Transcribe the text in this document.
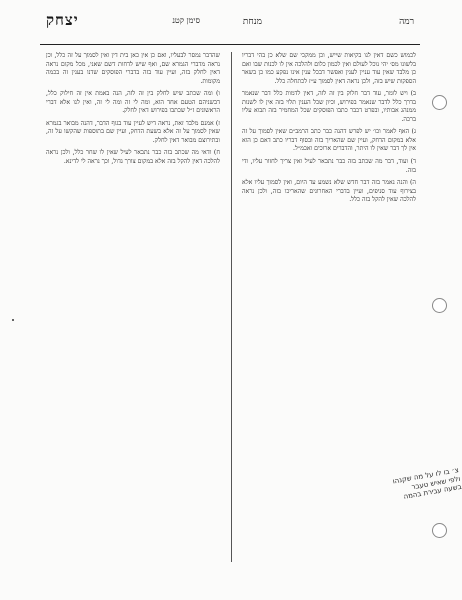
רמה
מנחת
סימן קטנ
יצחק

לכמוש כשם דאין לנו בקיאות שייש, וכן ממקכי שם שלא כן בהי דבריו בלשונו מס׳ יהי נוכל לעולם ואין לכמון כלום ולהלכה אין לו לכנות שבו ואם כן מלבד שאין עוד עניין לענין ואפשר דבכל ענין אינו נפקע כמו כן בשאר הספקות שיש בזה, ולכן נראה דאין לסמוך ע״ז לכתחלה כלל.

ב) ויש לומר, עוד דבר חלוק בין זה לזה, דאין לדמות כלל דבר שנאמר בדרך כלל לדבר שנאמר בפירוש, וכיון שכל הענין תלוי בזה אין לו לשנות ממנהג אבותיו, ובפרט דכבר כתבו הפוסקים שכל המחמיר בזה תבוא עליו ברכה.

ג) האף לאמר וכו׳ יש לפרש דהנה כבר כתב הרמב״ם שאין לסמוך על זה אלא במקום הדחק, ועיין שם שהאריך בזה ובסוף דבריו כתב דאם כן הוא אין לך דבר שאין לו היתר, והדברים ארוכים ואכמ״ל.

ד) ועוד, דבר מה שכתב בזה כבר נתבאר לעיל ואין צריך לחזור עליו, ודי בזה.

ה) והנה נאמר בזה דבר חדש שלא נשמע עד היום, ואין לסמוך עליו אלא בצירוף עוד סניפים, ועיין בדברי האחרונים שהאריכו בזה, ולכן נראה להלכה שאין להקל בזה כלל.

שהדבר נמסר לבעליו, ואם כן אין כאן בית דין ואין לסמוך על זה כלל, וכן נראה מדברי הגמרא שם, ואף שיש לדחות דשם שאני, מכל מקום נראה דאין לחלק בזה, ועיין עוד בזה בדברי הפוסקים שדנו בענין זה בכמה מקומות.

ו) ומה שכתב שיש לחלק בין זה לזה, הנה באמת אין זה חילוק כלל, דבשניהם הטעם אחד הוא, ומה לי זה ומה לי זה, ואין לנו אלא דברי הראשונים ז״ל שכתבו בפירוש דאין לחלק.

ז) אמנם מלבד זאת, נראה דיש לעיין עוד בגוף הדבר, דהנה מבואר בגמרא שאין לסמוך על זה אלא בשעת הדחק, ועיין שם בתוספות שהקשו על זה, ובתירוצם מבואר דאין לחלק.

ח) ודאי מה שכתב בזה כבר נתבאר לעיל שאין לו שחר כלל, ולכן נראה להלכה דאין להקל בזה אלא במקום צורך גדול, וכך נראה לי לדינא.

צ׳ בו לו על מה שקנהו ולפי שאיש טעבר בשעה עבירת בהמה
